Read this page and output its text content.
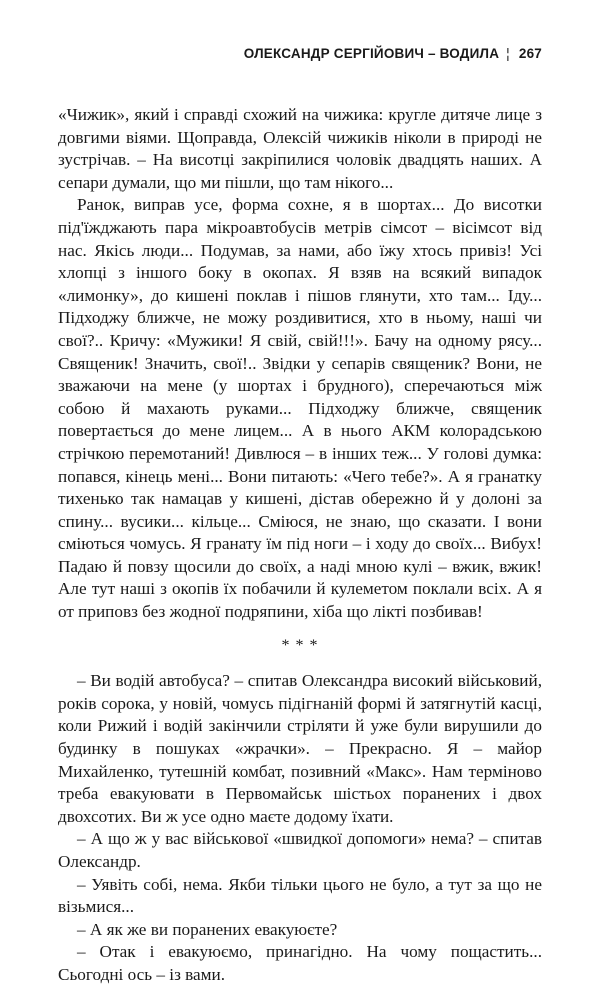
ОЛЕКСАНДР СЕРГІЙОВИЧ – ВОДИЛА ¦ 267

«Чижик», який і справді схожий на чижика: кругле дитяче лице з довгими віями. Щоправда, Олексій чижиків ніколи в природі не зустрічав. – На висотці закріпилися чоловік двадцять наших. А сепари думали, що ми пішли, що там нікого...

Ранок, виправ усе, форма сохне, я в шортах... До висотки під'їжджають пара мікроавтобусів метрів сімсот – вісімсот від нас. Якісь люди... Подумав, за нами, або їжу хтось привіз! Усі хлопці з іншого боку в окопах. Я взяв на всякий випадок «лимонку», до кишені поклав і пішов глянути, хто там... Іду... Підходжу ближче, не можу роздивитися, хто в ньому, наші чи свої?.. Кричу: «Мужики! Я свій, свій!!!». Бачу на одному рясу... Священик! Значить, свої!.. Звідки у сепарів священик? Вони, не зважаючи на мене (у шортах і брудного), сперечаються між собою й махають руками... Підходжу ближче, священик повертається до мене лицем... А в нього АКМ колорадською стрічкою перемотаний! Дивлюся – в інших теж... У голові думка: попався, кінець мені... Вони питають: «Чего тебе?». А я гранатку тихенько так намацав у кишені, дістав обережно й у долоні за спину... вусики... кільце... Сміюся, не знаю, що сказати. І вони сміються чомусь. Я гранату їм під ноги – і ходу до своїх... Вибух! Падаю й повзу щосили до своїх, а наді мною кулі – вжик, вжик! Але тут наші з окопів їх побачили й кулеметом поклали всіх. А я от приповз без жодної подряпини, хіба що лікті позбивав!

* * *

– Ви водій автобуса? – спитав Олександра високий військовий, років сорока, у новій, чомусь підігнаній формі й затягнутій касці, коли Рижий і водій закінчили стріляти й уже були вирушили до будинку в пошуках «жрачки». – Прекрасно. Я – майор Михайленко, тутешній комбат, позивний «Макс». Нам терміново треба евакуювати в Первомайськ шістьох поранених і двох двохсотих. Ви ж усе одно маєте додому їхати.

– А що ж у вас військової «швидкої допомоги» нема? – спитав Олександр.

– Уявіть собі, нема. Якби тільки цього не було, а тут за що не візьмися...

– А як же ви поранених евакуюєте?

– Отак і евакуюємо, принагідно. На чому пощастить... Сьогодні ось – із вами.
